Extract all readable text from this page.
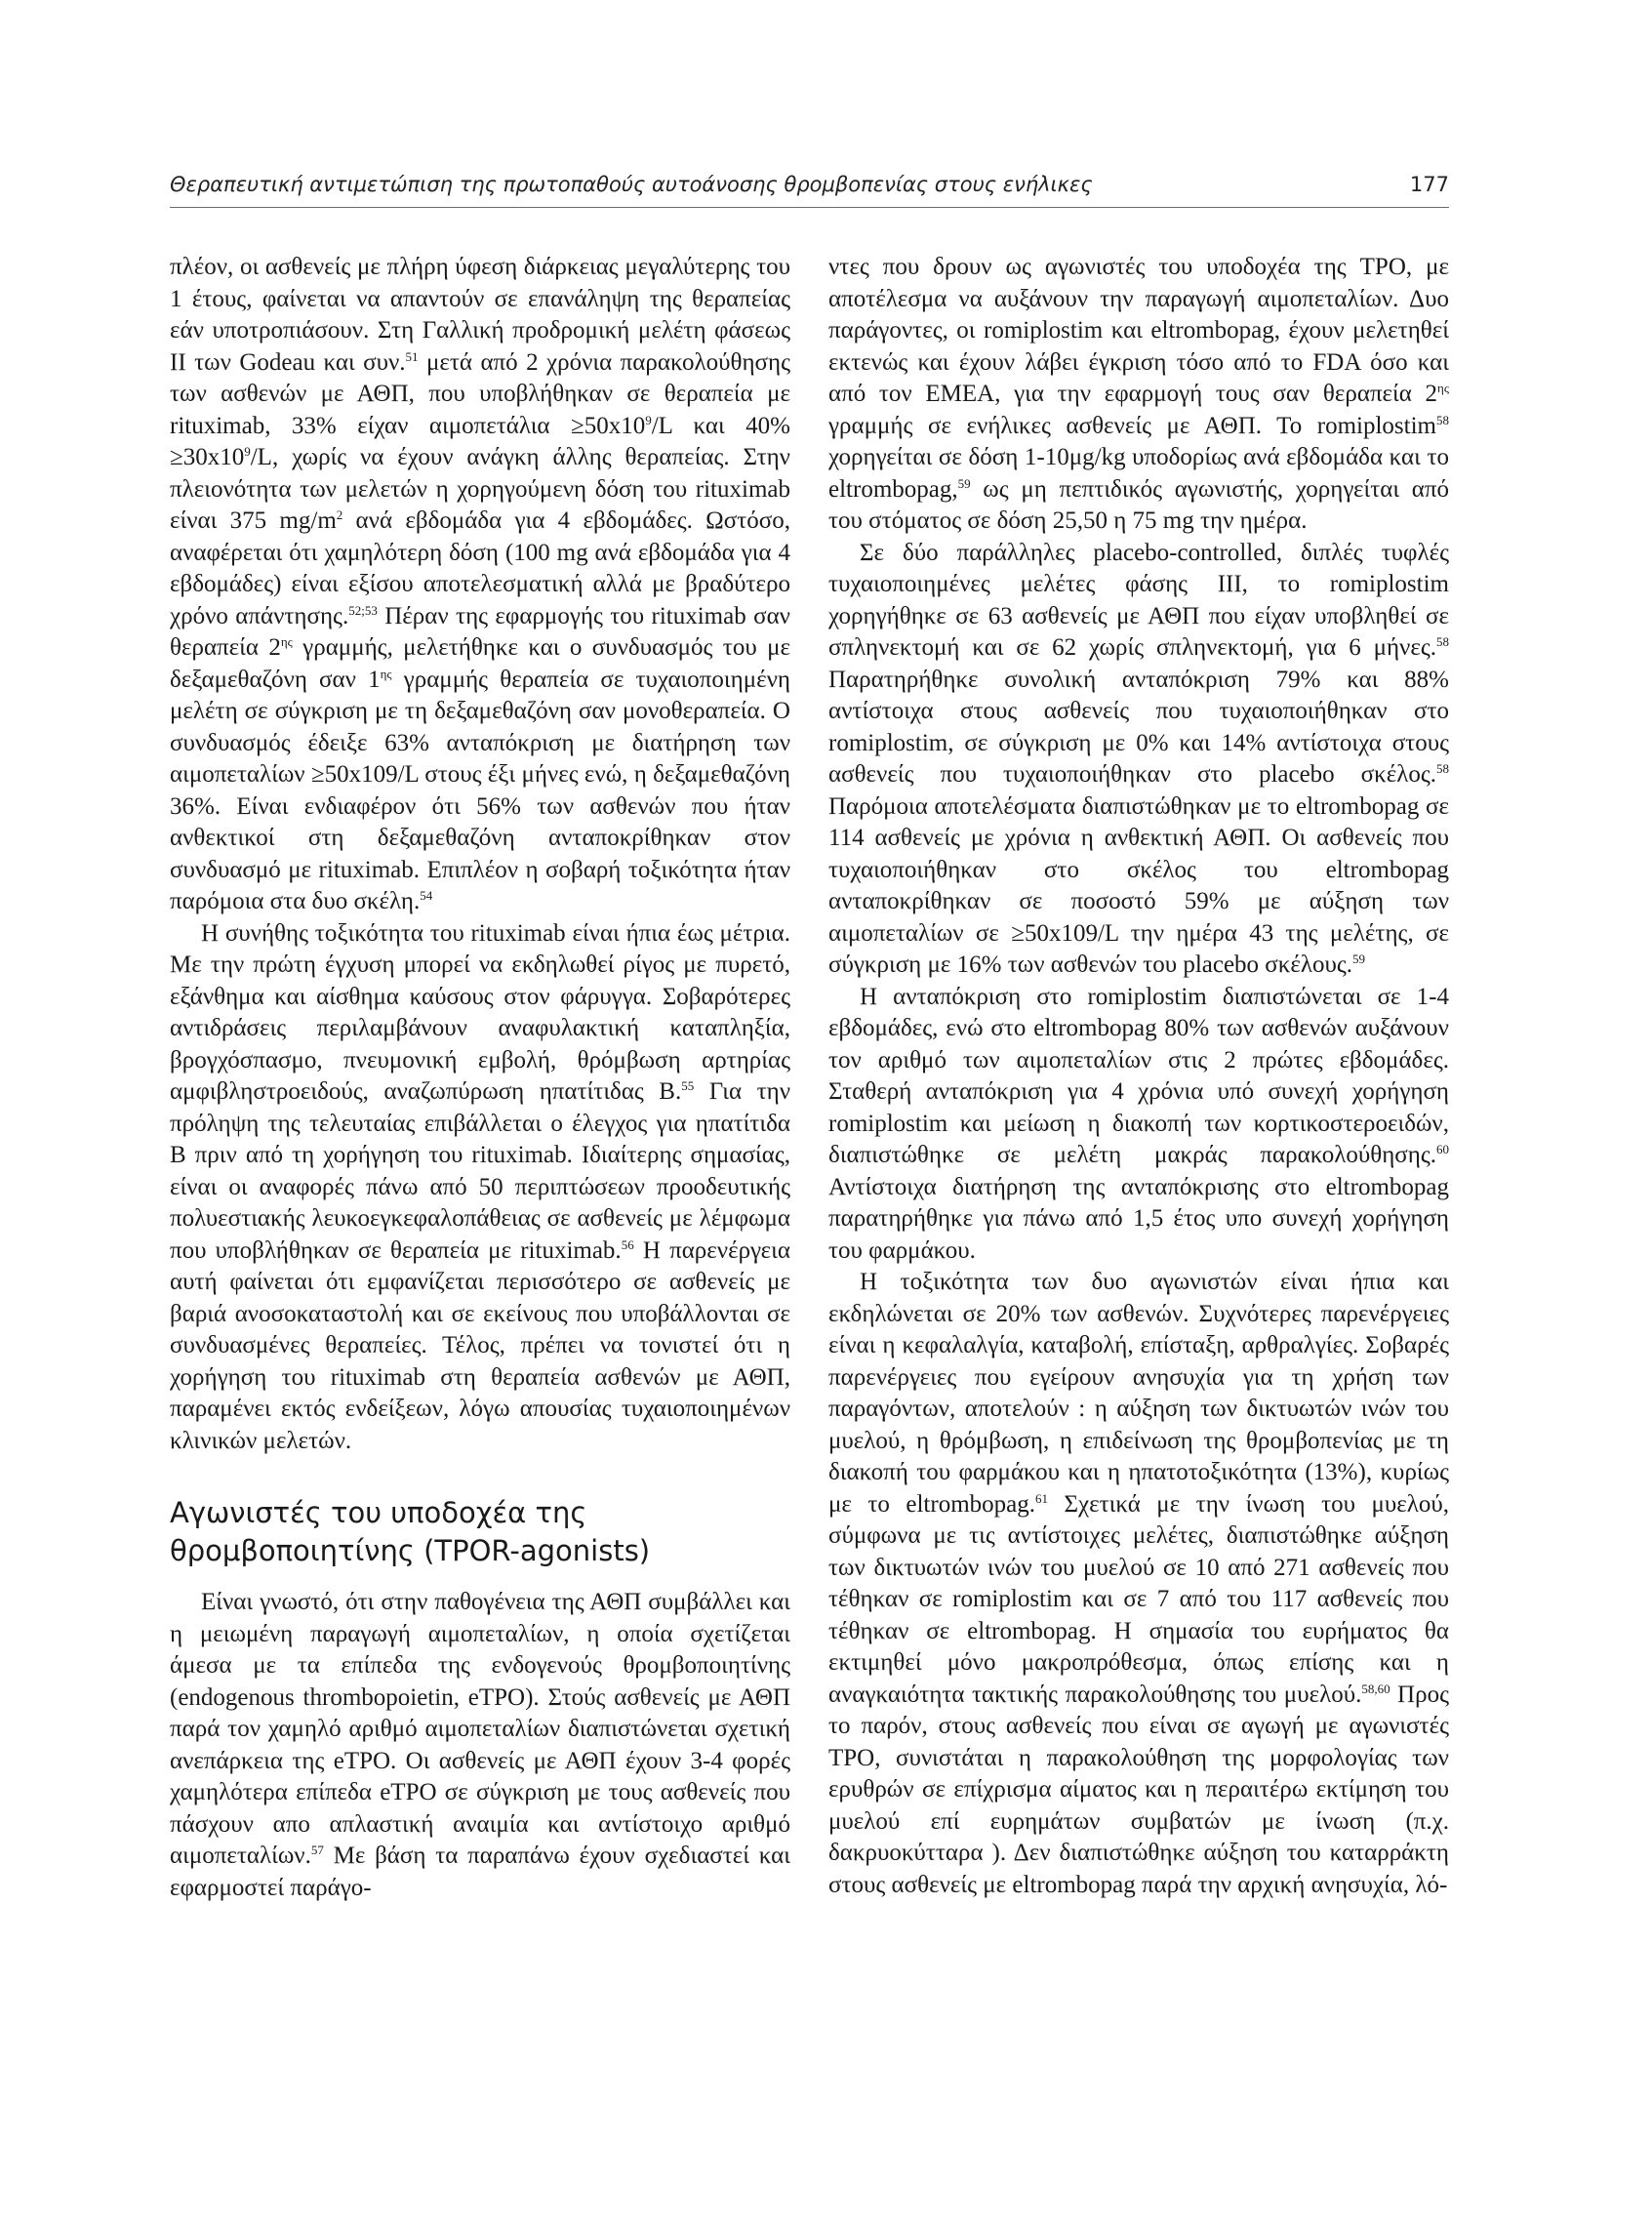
Θεραπευτική αντιμετώπιση της πρωτοπαθούς αυτοάνοσης θρομβοπενίας στους ενήλικες	177

πλέον, οι ασθενείς με πλήρη ύφεση διάρκειας μεγαλύτερης του 1 έτους, φαίνεται να απαντούν σε επανάληψη της θεραπείας εάν υποτροπιάσουν. Στη Γαλλική προδρομική μελέτη φάσεως ΙΙ των Godeau και συν.$^{51}$ μετά από 2 χρόνια παρακολούθησης των ασθενών με ΑΘΠ, που υποβλήθηκαν σε θεραπεία με rituximab, 33% είχαν $\alpha\iota\mu o\pi\varepsilon\tau ά\lambda\iota\alpha \ge 50x10^9/L$ και $40\% \ge 30x10^9/L$, χωρίς να έχουν ανάγκη άλλης θεραπείας. Στην πλειονότητα των μελετών η χορηγούμενη δόση του rituximab είναι 375 $mg/m^2$ ανά εβδομάδα για 4 εβδομάδες. Ωστόσο, αναφέρεται ότι χαμηλότερη δόση (100 mg ανά εβδομάδα για 4 εβδομάδες) είναι εξίσου αποτελεσματική αλλά με βραδύτερο χρόνο απάντησης.$^{52;53}$ Πέραν της εφαρμογής του rituximab σαν θεραπεία $2^{\eta\varsigma}$ γραμμής, μελετήθηκε και ο συνδυασμός του με δεξαμεθαζόνη σαν $1^{\eta\varsigma}$ γραμμής θεραπεία σε τυχαιοποιημένη μελέτη σε σύγκριση με τη δεξαμεθαζόνη σαν μονοθεραπεία. Ο συνδυασμός έδειξε 63% ανταπόκριση με διατήρηση των αιμοπεταλίων ≥50x109/L στους έξι μήνες ενώ, η δεξαμεθαζόνη 36%. Είναι ενδιαφέρον ότι 56% των ασθενών που ήταν ανθεκτικοί στη δεξαμεθαζόνη ανταποκρίθηκαν στον συνδυασμό με rituximab. Επιπλέον η σοβαρή τοξικότητα ήταν παρόμοια στα δυο σκέλη.$^{54}$

Η συνήθης τοξικότητα του rituximab είναι ήπια έως μέτρια. Με την πρώτη έγχυση μπορεί να εκδηλωθεί ρίγος με πυρετό, εξάνθημα και αίσθημα καύσους στον φάρυγγα. Σοβαρότερες αντιδράσεις περιλαμβάνουν αναφυλακτική καταπληξία, βρογχόσπασμο, πνευμονική εμβολή, θρόμβωση αρτηρίας αμφιβληστροειδούς, αναζωπύρωση ηπατίτιδας Β.$^{55}$ Για την πρόληψη της τελευταίας επιβάλλεται ο έλεγχος για ηπατίτιδα Β πριν από τη χορήγηση του rituximab. Ιδιαίτερης σημασίας, είναι οι αναφορές πάνω από 50 περιπτώσεων προοδευτικής πολυεστιακής λευκοεγκεφαλοπάθειας σε ασθενείς με λέμφωμα που υποβλήθηκαν σε θεραπεία με rituximab.$^{56}$ Η παρενέργεια αυτή φαίνεται ότι εμφανίζεται περισσότερο σε ασθενείς με βαριά ανοσοκαταστολή και σε εκείνους που υποβάλλονται σε συνδυασμένες θεραπείες. Τέλος, πρέπει να τονιστεί ότι η χορήγηση του rituximab στη θεραπεία ασθενών με ΑΘΠ, παραμένει εκτός ενδείξεων, λόγω απουσίας τυχαιοποιημένων κλινικών μελετών.

Αγωνιστές του υποδοχέα της
θρομβοποιητίνης (TPOR-agonists)

Είναι γνωστό, ότι στην παθογένεια της ΑΘΠ συμβάλλει και η μειωμένη παραγωγή αιμοπεταλίων, η οποία σχετίζεται άμεσα με τα επίπεδα της ενδογενούς θρομβοποιητίνης (endogenous thrombopoietin, eTPO). Στούς ασθενείς με ΑΘΠ παρά τον χαμηλό αριθμό αιμοπεταλίων διαπιστώνεται σχετική ανεπάρκεια της eTPO. Οι ασθενείς με ΑΘΠ έχουν 3-4 φορές χαμηλότερα επίπεδα eTPO σε σύγκριση με τους ασθενείς που πάσχουν απο απλαστική αναιμία και αντίστοιχο αριθμό αιμοπεταλίων.$^{57}$ Με βάση τα παραπάνω έχουν σχεδιαστεί και εφαρμοστεί παράγο-

ντες που δρουν ως αγωνιστές του υποδοχέα της TPO, με αποτέλεσμα να αυξάνουν την παραγωγή αιμοπεταλίων. Δυο παράγοντες, οι romiplostim και eltrombopag, έχουν μελετηθεί εκτενώς και έχουν λάβει έγκριση τόσο από το FDA όσο και από τον EMEA, για την εφαρμογή τους σαν θεραπεία $2^{\eta\varsigma}$ γραμμής σε ενήλικες ασθενείς με ΑΘΠ. Το romiplostim$^{58}$ χορηγείται σε δόση 1-10μg/kg υποδορίως ανά εβδομάδα και το eltrombopag,$^{59}$ ως μη πεπτιδικός αγωνιστής, χορηγείται από του στόματος σε δόση 25,50 η 75 mg την ημέρα.

Σε δύο παράλληλες placebo-controlled, διπλές τυφλές τυχαιοποιημένες μελέτες φάσης ΙΙΙ, το romiplostim χορηγήθηκε σε 63 ασθενείς με ΑΘΠ που είχαν υποβληθεί σε σπληνεκτομή και σε 62 χωρίς σπληνεκτομή, για 6 μήνες.$^{58}$ Παρατηρήθηκε συνολική ανταπόκριση 79% και 88% αντίστοιχα στους ασθενείς που τυχαιοποιήθηκαν στο romiplostim, σε σύγκριση με 0% και 14% αντίστοιχα στους ασθενείς που τυχαιοποιήθηκαν στο placebo σκέλος.$^{58}$ Παρόμοια αποτελέσματα διαπιστώθηκαν με το eltrombopag σε 114 ασθενείς με χρόνια η ανθεκτική ΑΘΠ. Οι ασθενείς που τυχαιοποιήθηκαν στο σκέλος του eltrombopag ανταποκρίθηκαν σε ποσοστό 59% με αύξηση των αιμοπεταλίων σε ≥50x109/L την ημέρα 43 της μελέτης, σε σύγκριση με 16% των ασθενών του placebo σκέλους.$^{59}$

Η ανταπόκριση στο romiplostim διαπιστώνεται σε 1-4 εβδομάδες, ενώ στο eltrombopag 80% των ασθενών αυξάνουν τον αριθμό των αιμοπεταλίων στις 2 πρώτες εβδομάδες. Σταθερή ανταπόκριση για 4 χρόνια υπό συνεχή χορήγηση romiplostim και μείωση η διακοπή των κορτικοστεροειδών, διαπιστώθηκε σε μελέτη μακράς παρακολούθησης.$^{60}$ Αντίστοιχα διατήρηση της ανταπόκρισης στο eltrombopag παρατηρήθηκε για πάνω από 1,5 έτος υπο συνεχή χορήγηση του φαρμάκου.

Η τοξικότητα των δυο αγωνιστών είναι ήπια και εκδηλώνεται σε 20% των ασθενών. Συχνότερες παρενέργειες είναι η κεφαλαλγία, καταβολή, επίσταξη, αρθραλγίες. Σοβαρές παρενέργειες που εγείρουν ανησυχία για τη χρήση των παραγόντων, αποτελούν : η αύξηση των δικτυωτών ινών του μυελού, η θρόμβωση, η επιδείνωση της θρομβοπενίας με τη διακοπή του φαρμάκου και η ηπατοτοξικότητα (13%), κυρίως με το eltrombopag.$^{61}$ Σχετικά με την ίνωση του μυελού, σύμφωνα με τις αντίστοιχες μελέτες, διαπιστώθηκε αύξηση των δικτυωτών ινών του μυελού σε 10 από 271 ασθενείς που τέθηκαν σε romiplostim και σε 7 από του 117 ασθενείς που τέθηκαν σε eltrombopag. Η σημασία του ευρήματος θα εκτιμηθεί μόνο μακροπρόθεσμα, όπως επίσης και η αναγκαιότητα τακτικής παρακολούθησης του μυελού.$^{58,60}$ Προς το παρόν, στους ασθενείς που είναι σε αγωγή με αγωνιστές TPO, συνιστάται η παρακολούθηση της μορφολογίας των ερυθρών σε επίχρισμα αίματος και η περαιτέρω εκτίμηση του μυελού επί ευρημάτων συμβατών με ίνωση (π.χ. δακρυοκύτταρα ). Δεν διαπιστώθηκε αύξηση του καταρράκτη στους ασθενείς με eltrombopag παρά την αρχική ανησυχία, λό-
